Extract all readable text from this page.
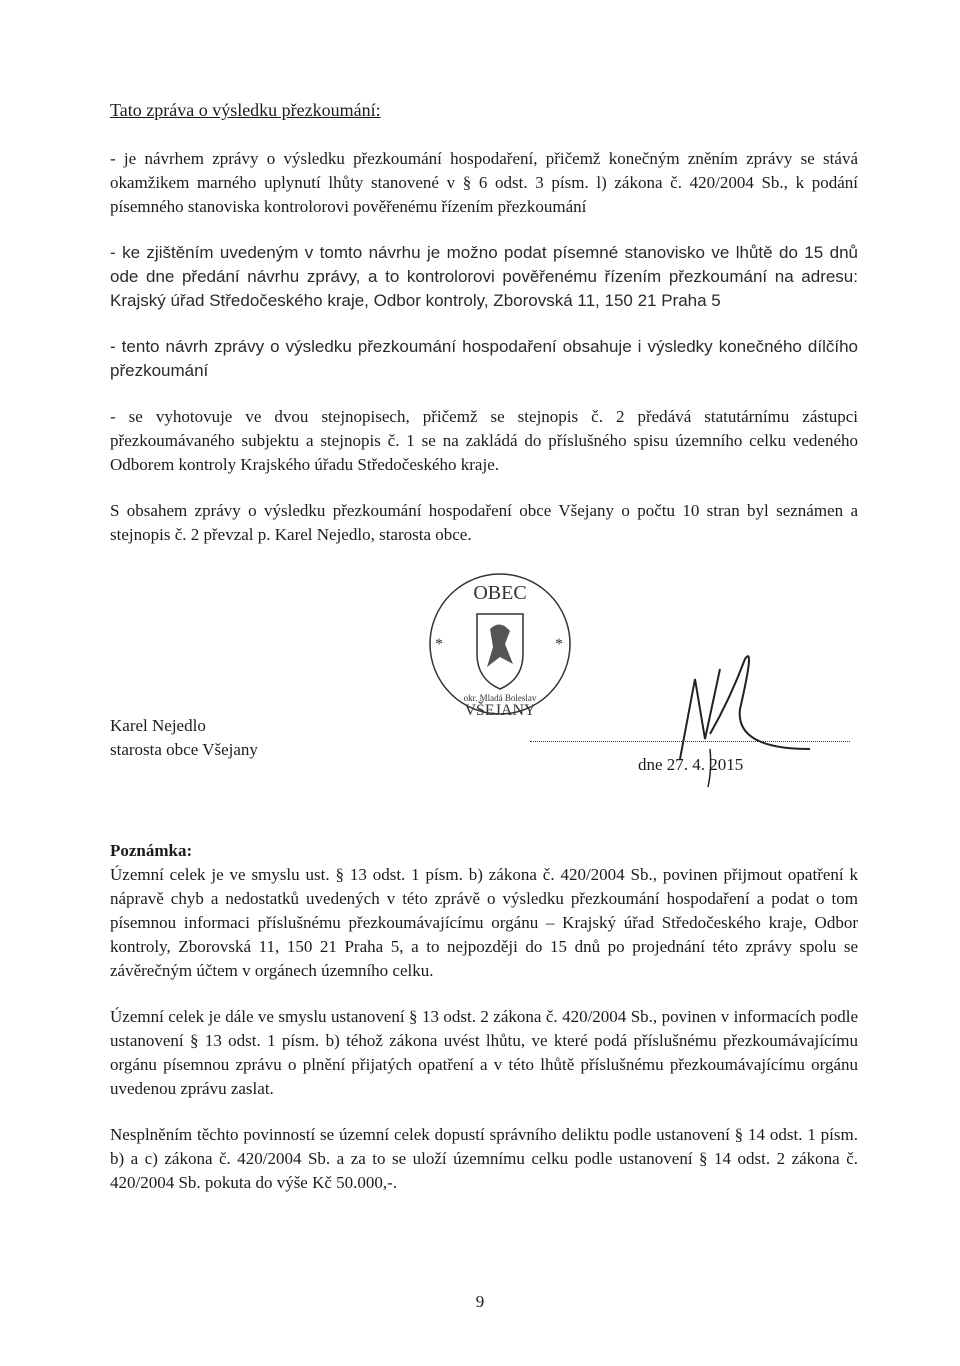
Tato zpráva o výsledku přezkoumání:

- je návrhem zprávy o výsledku přezkoumání hospodaření, přičemž konečným zněním zprávy se stává okamžikem marného uplynutí lhůty stanovené v § 6 odst. 3 písm. l) zákona č. 420/2004 Sb., k podání písemného stanoviska kontrolorovi pověřenému řízením přezkoumání

- ke zjištěním uvedeným v tomto návrhu je možno podat písemné stanovisko ve lhůtě do 15 dnů ode dne předání návrhu zprávy, a to kontrolorovi pověřenému řízením přezkoumání na adresu: Krajský úřad Středočeského kraje, Odbor kontroly, Zborovská 11, 150 21 Praha 5

- tento návrh zprávy o výsledku přezkoumání hospodaření obsahuje i výsledky konečného dílčího přezkoumání

- se vyhotovuje ve dvou stejnopisech, přičemž se stejnopis č. 2 předává statutárnímu zástupci přezkoumávaného subjektu a stejnopis č. 1 se na zakládá do příslušného spisu územního celku vedeného Odborem kontroly Krajského úřadu Středočeského kraje.

S obsahem zprávy o výsledku přezkoumání hospodaření obce Všejany o počtu 10 stran byl seznámen a stejnopis č. 2 převzal p. Karel Nejedlo, starosta obce.

OBEC
*	*
okr. Mladá Boleslav
VŠEJANY
Karel Nejedlo
starosta obce Všejany
dne 27. 4. 2015

Poznámka:

Územní celek je ve smyslu ust. § 13 odst. 1 písm. b) zákona č. 420/2004 Sb., povinen přijmout opatření k nápravě chyb a nedostatků uvedených v této zprávě o výsledku přezkoumání hospodaření a podat o tom písemnou informaci příslušnému přezkoumávajícímu orgánu – Krajský úřad Středočeského kraje, Odbor kontroly, Zborovská 11, 150 21 Praha 5, a to nejpozději do 15 dnů po projednání této zprávy spolu se závěrečným účtem v orgánech územního celku.

Územní celek je dále ve smyslu ustanovení § 13 odst. 2 zákona č. 420/2004 Sb., povinen v informacích podle ustanovení § 13 odst. 1 písm. b) téhož zákona uvést lhůtu, ve které podá příslušnému přezkoumávajícímu orgánu písemnou zprávu o plnění přijatých opatření a v této lhůtě příslušnému přezkoumávajícímu orgánu uvedenou zprávu zaslat.

Nesplněním těchto povinností se územní celek dopustí správního deliktu podle ustanovení § 14 odst. 1 písm. b) a c) zákona č. 420/2004 Sb. a za to se uloží územnímu celku podle ustanovení § 14 odst. 2 zákona č. 420/2004 Sb. pokuta do výše Kč 50.000,-.

9
